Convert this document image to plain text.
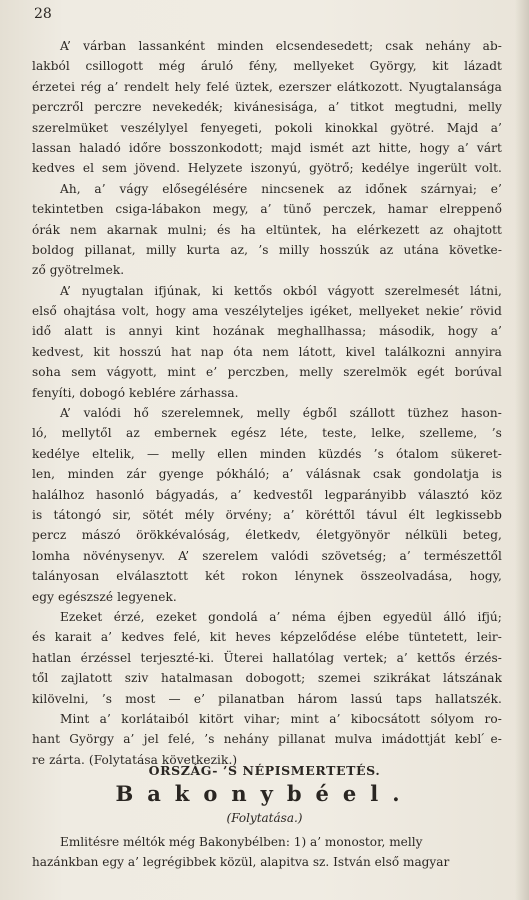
28
A’ várban lassanként minden elcsendesedett; csak nehány ab-
lakból csillogott még áruló fény, mellyeket György, kit lázadt
érzetei rég a’ rendelt hely felé üztek, ezerszer elátkozott. Nyugtalansága
perczről perczre nevekedék; kivánesisága, a’ titkot megtudni, melly
szerelmüket veszélylyel fenyegeti, pokoli kinokkal gyötré. Majd a’
lassan haladó időre bosszonkodott; majd ismét azt hitte, hogy a’ várt
kedves el sem jövend. Helyzete iszonyú, gyötrő; kedélye ingerült volt.
Ah, a’ vágy elősegélésére nincsenek az időnek szárnyai; e’
tekintetben csiga-lábakon megy, a’ tünő perczek, hamar elreppenő
órák nem akarnak mulni; és ha eltüntek, ha elérkezett az ohajtott
boldog pillanat, milly kurta az, ’s milly hosszúk az utána követke-
ző gyötrelmek.
A’ nyugtalan ifjúnak, ki kettős okból vágyott szerelmesét látni,
első ohajtása volt, hogy ama veszélyteljes igéket, mellyeket nekie’ rövid
idő alatt is annyi kint hozának meghallhassa; második, hogy a’
kedvest, kit hosszú hat nap óta nem látott, kivel találkozni annyira
soha sem vágyott, mint e’ perczben, melly szerelmök egét borúval
fenyíti, dobogó keblére zárhassa.
A’ valódi hő szerelemnek, melly égből szállott tüzhez hason-
ló, mellytől az embernek egész léte, teste, lelke, szelleme, ’s
kedélye eltelik, — melly ellen minden küzdés ’s ótalom sükeret-
len, minden zár gyenge pókháló; a’ válásnak csak gondolatja is
halálhoz hasonló bágyadás, a’ kedvestől legparányibb választó köz
is tátongó sir, sötét mély örvény; a’ köréttől távul élt legkissebb
percz mászó örökkévalóság, életkedv, életgyönyör nélküli beteg,
lomha növénysenyv. A’ szerelem valódi szövetség; a’ természettől
talányosan elválasztott két rokon lénynek összeolvadása, hogy,
egy egészszé legyenek.
Ezeket érzé, ezeket gondolá a’ néma éjben egyedül álló ifjú;
és karait a’ kedves felé, kit heves képzelődése elébe tüntetett, leir-
hatlan érzéssel terjeszté-ki. Üterei hallatólag vertek; a’ kettős érzés-
től zajlatott sziv hatalmasan dobogott; szemei szikrákat látszának
kilövelni, ’s most — e’ pilanatban három lassú taps hallatszék.
Mint a’ korlátaiból kitört vihar; mint a’ kibocsátott sólyom ro-
hant György a’ jel felé, ’s nehány pillanat mulva imádottját kebl ́e-
re zárta. (Folytatása következik.)
ORSZÁG- ’S NÉPISMERTETÉS.
Bakonybéel.
(Folytatása.)
Emlitésre méltók még Bakonybélben: 1) a’ monostor, melly
hazánkban egy a’ legrégibbek közül, alapitva sz. István első magyar
